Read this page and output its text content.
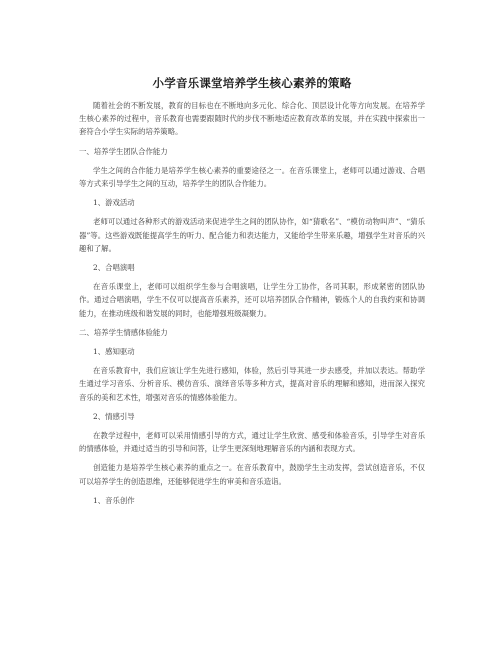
小学音乐课堂培养学生核心素养的策略

随着社会的不断发展，教育的目标也在不断地向多元化、综合化、顶层设计化等方向发展。在培养学生核心素养的过程中，音乐教育也需要跟随时代的步伐不断地适应教育改革的发展，并在实践中探索出一套符合小学生实际的培养策略。

一、培养学生团队合作能力

学生之间的合作能力是培养学生核心素养的重要途径之一。在音乐课堂上，老师可以通过游戏、合唱等方式来引导学生之间的互动，培养学生的团队合作能力。

1、游戏活动

老师可以通过各种形式的游戏活动来促进学生之间的团队协作，如“猜歌名”、“模仿动物叫声”、“猜乐器”等。这些游戏既能提高学生的听力、配合能力和表达能力，又能给学生带来乐趣，增强学生对音乐的兴趣和了解。

2、合唱演唱

在音乐课堂上，老师可以组织学生参与合唱演唱，让学生分工协作，各司其职，形成紧密的团队协作。通过合唱演唱，学生不仅可以提高音乐素养，还可以培养团队合作精神，锻炼个人的自我约束和协调能力，在推动班级和谐发展的同时，也能增强班级凝聚力。

二、培养学生情感体验能力

1、感知驱动

在音乐教育中，我们应该让学生先进行感知，体验，然后引导其进一步去感受，并加以表达。帮助学生通过学习音乐、分析音乐、模仿音乐、演绎音乐等多种方式，提高对音乐的理解和感知，进而深入探究音乐的美和艺术性，增强对音乐的情感体验能力。

2、情感引导

在教学过程中，老师可以采用情感引导的方式，通过让学生欣赏、感受和体验音乐，引导学生对音乐的情感体验，并通过适当的引导和问答，让学生更深刻地理解音乐的内涵和表现方式。

创造能力是培养学生核心素养的重点之一。在音乐教育中，鼓励学生主动发挥，尝试创造音乐，不仅可以培养学生的创造思维，还能够促进学生的审美和音乐造诣。

1、音乐创作
